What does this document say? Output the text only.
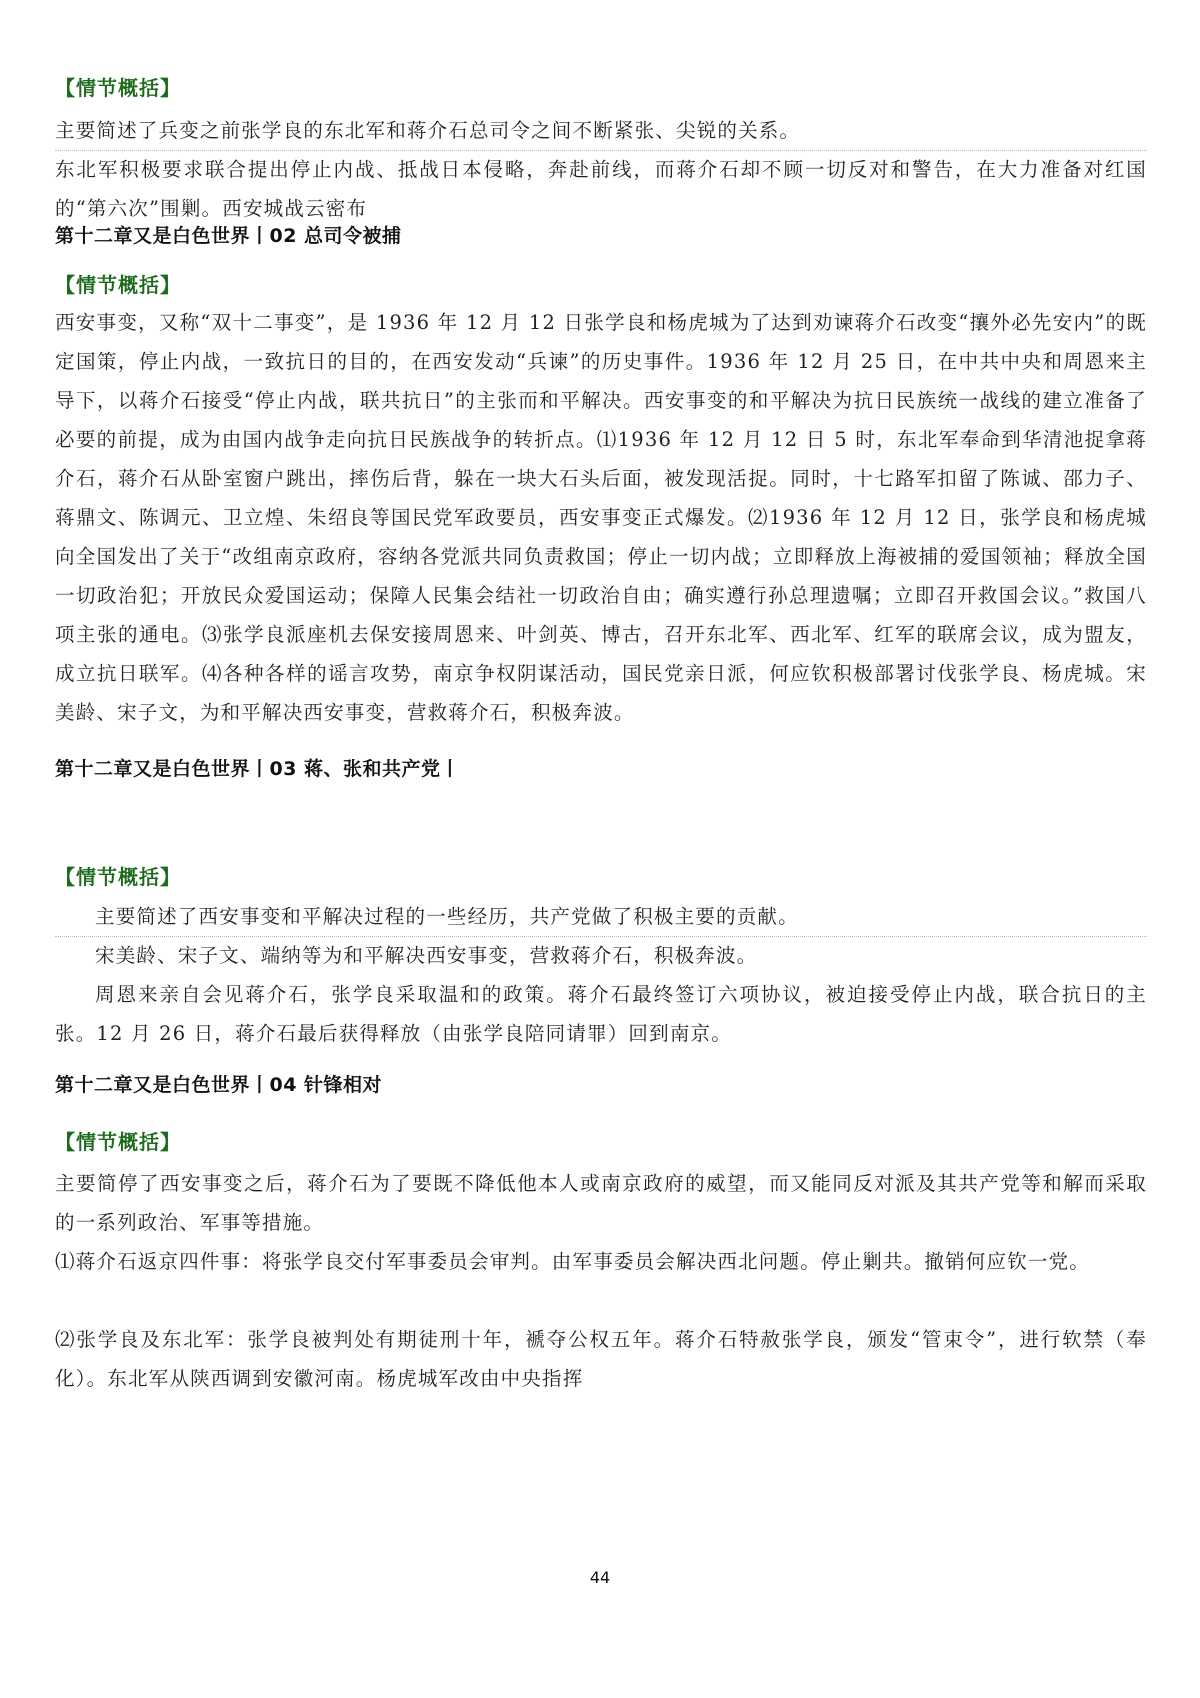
【情节概括】
主要简述了兵变之前张学良的东北军和蒋介石总司令之间不断紧张、尖锐的关系。
东北军积极要求联合提出停止内战、抵战日本侵略，奔赴前线，而蒋介石却不顾一切反对和警告，在大力准备对红国的“第六次”围剿。西安城战云密布
第十二章又是白色世界丨02 总司令被捕
【情节概括】
西安事变，又称“双十二事变”，是 1936 年 12 月 12 日张学良和杨虎城为了达到劝谏蒋介石改变“攘外必先安内”的既定国策，停止内战，一致抗日的目的，在西安发动“兵谏”的历史事件。1936 年 12 月 25 日，在中共中央和周恩来主导下，以蒋介石接受“停止内战，联共抗日”的主张而和平解决。西安事变的和平解决为抗日民族统一战线的建立准备了必要的前提，成为由国内战争走向抗日民族战争的转折点。⑴1936 年 12 月 12 日 5 时，东北军奉命到华清池捉拿蒋介石，蒋介石从卧室窗户跳出，摔伤后背，躲在一块大石头后面，被发现活捉。同时，十七路军扣留了陈诚、邵力子、蒋鼎文、陈调元、卫立煌、朱绍良等国民党军政要员，西安事变正式爆发。⑵1936 年 12 月 12 日，张学良和杨虎城向全国发出了关于“改组南京政府，容纳各党派共同负责救国；停止一切内战；立即释放上海被捕的爱国领袖；释放全国一切政治犯；开放民众爱国运动；保障人民集会结社一切政治自由；确实遵行孙总理遗嘱；立即召开救国会议。”救国八项主张的通电。⑶张学良派座机去保安接周恩来、叶剑英、博古，召开东北军、西北军、红军的联席会议，成为盟友，成立抗日联军。⑷各种各样的谣言攻势，南京争权阴谋活动，国民党亲日派，何应钦积极部署讨伐张学良、杨虎城。宋美龄、宋子文，为和平解决西安事变，营救蒋介石，积极奔波。
第十二章又是白色世界丨03 蒋、张和共产党丨
【情节概括】
主要简述了西安事变和平解决过程的一些经历，共产党做了积极主要的贡献。
宋美龄、宋子文、端纳等为和平解决西安事变，营救蒋介石，积极奔波。
周恩来亲自会见蒋介石，张学良采取温和的政策。蒋介石最终签订六项协议，被迫接受停止内战，联合抗日的主张。12 月 26 日，蒋介石最后获得释放（由张学良陪同请罪）回到南京。
第十二章又是白色世界丨04 针锋相对
【情节概括】
主要简停了西安事变之后，蒋介石为了要既不降低他本人或南京政府的威望，而又能同反对派及其共产党等和解而采取的一系列政治、军事等措施。
⑴蒋介石返京四件事：将张学良交付军事委员会审判。由军事委员会解决西北问题。停止剿共。撤销何应钦一党。
⑵张学良及东北军：张学良被判处有期徒刑十年，褫夺公权五年。蒋介石特赦张学良，颁发“管束令”，进行软禁（奉化）。东北军从陕西调到安徽河南。杨虎城军改由中央指挥
44
